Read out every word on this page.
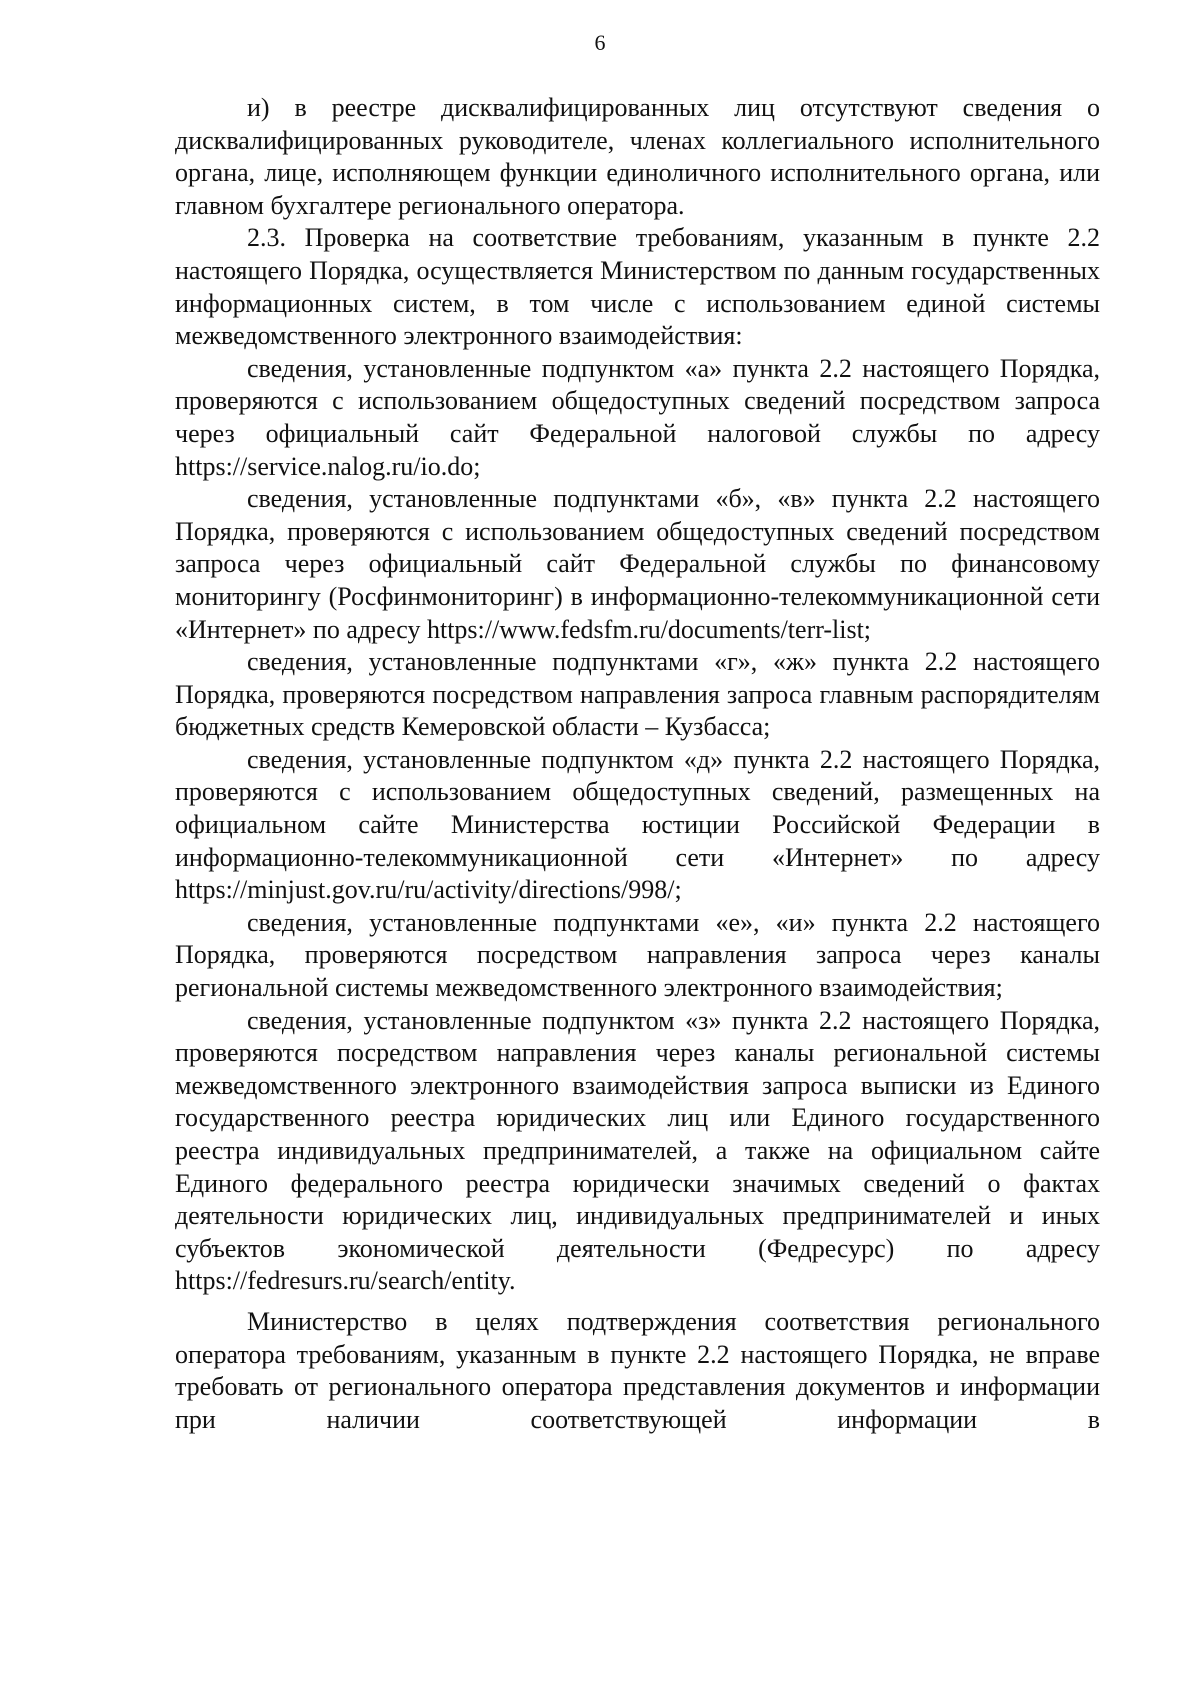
6

и) в реестре дисквалифицированных лиц отсутствуют сведения о дисквалифицированных руководителе, членах коллегиального исполнительного органа, лице, исполняющем функции единоличного исполнительного органа, или главном бухгалтере регионального оператора.

2.3. Проверка на соответствие требованиям, указанным в пункте 2.2 настоящего Порядка, осуществляется Министерством по данным государственных информационных систем, в том числе с использованием единой системы межведомственного электронного взаимодействия:

сведения, установленные подпунктом «а» пункта 2.2 настоящего Порядка, проверяются с использованием общедоступных сведений посредством запроса через официальный сайт Федеральной налоговой службы по адресу https://service.nalog.ru/io.do;

сведения, установленные подпунктами «б», «в» пункта 2.2 настоящего Порядка, проверяются с использованием общедоступных сведений посредством запроса через официальный сайт Федеральной службы по финансовому мониторингу (Росфинмониторинг) в информационно-телекоммуникационной сети «Интернет» по адресу https://www.fedsfm.ru/documents/terr-list;

сведения, установленные подпунктами «г», «ж» пункта 2.2 настоящего Порядка, проверяются посредством направления запроса главным распорядителям бюджетных средств Кемеровской области – Кузбасса;

сведения, установленные подпунктом «д» пункта 2.2 настоящего Порядка, проверяются с использованием общедоступных сведений, размещенных на официальном сайте Министерства юстиции Российской Федерации в информационно-телекоммуникационной сети «Интернет» по адресу https://minjust.gov.ru/ru/activity/directions/998/;

сведения, установленные подпунктами «е», «и» пункта 2.2 настоящего Порядка, проверяются посредством направления запроса через каналы региональной системы межведомственного электронного взаимодействия;

сведения, установленные подпунктом «з» пункта 2.2 настоящего Порядка, проверяются посредством направления через каналы региональной системы межведомственного электронного взаимодействия запроса выписки из Единого государственного реестра юридических лиц или Единого государственного реестра индивидуальных предпринимателей, а также на официальном сайте Единого федерального реестра юридически значимых сведений о фактах деятельности юридических лиц, индивидуальных предпринимателей и иных субъектов экономической деятельности (Федресурс) по адресу https://fedresurs.ru/search/entity.

Министерство в целях подтверждения соответствия регионального оператора требованиям, указанным в пункте 2.2 настоящего Порядка, не вправе требовать от регионального оператора представления документов и информации при наличии соответствующей информации в
